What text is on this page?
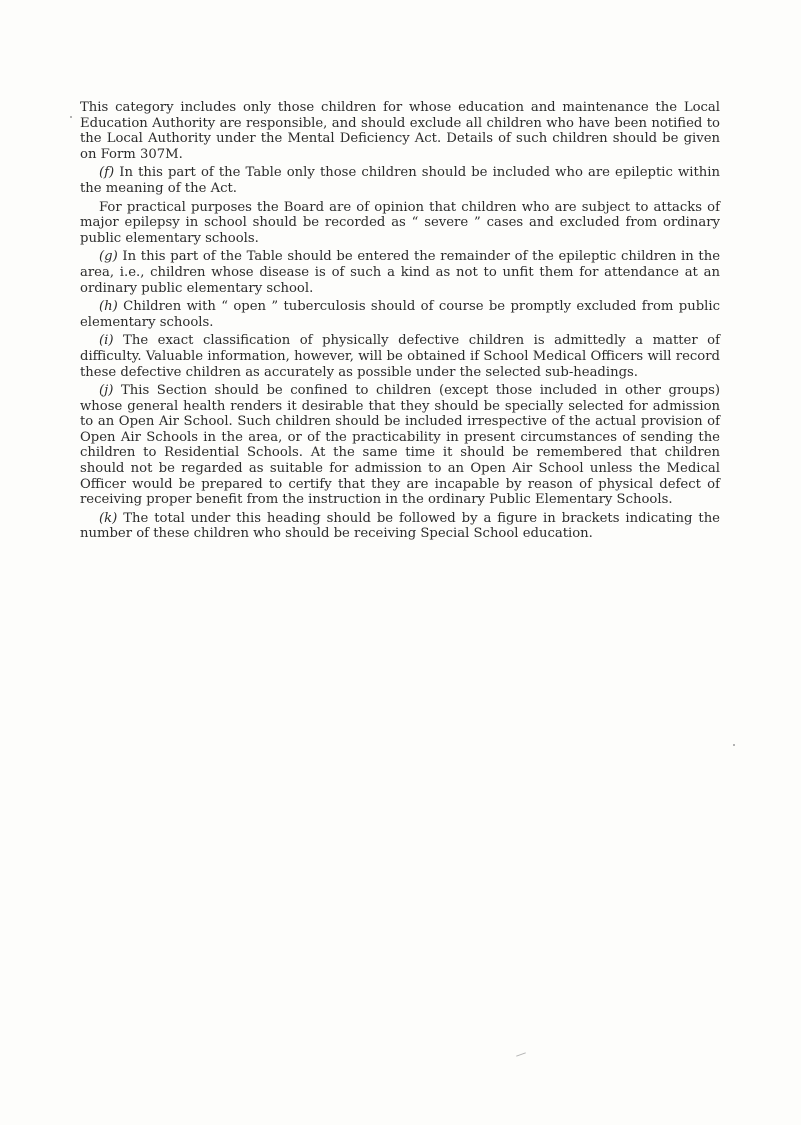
This category includes only those children for whose education and maintenance the Local Education Authority are responsible, and should exclude all children who have been notified to the Local Authority under the Mental Deficiency Act. Details of such children should be given on Form 307M.

(f) In this part of the Table only those children should be included who are epileptic within the meaning of the Act.

For practical purposes the Board are of opinion that children who are subject to attacks of major epilepsy in school should be recorded as “ severe ” cases and excluded from ordinary public elementary schools.

(g) In this part of the Table should be entered the remainder of the epileptic children in the area, i.e., children whose disease is of such a kind as not to unfit them for attendance at an ordinary public elementary school.

(h) Children with “ open ” tuberculosis should of course be promptly excluded from public elementary schools.

(i) The exact classification of physically defective children is admittedly a matter of difficulty. Valuable information, however, will be obtained if School Medical Officers will record these defective children as accurately as possible under the selected sub-headings.

(j) This Section should be confined to children (except those included in other groups) whose general health renders it desirable that they should be specially selected for admission to an Open Air School. Such children should be included irrespective of the actual provision of Open Air Schools in the area, or of the practicability in present circumstances of sending the children to Residential Schools. At the same time it should be remembered that children should not be regarded as suitable for admission to an Open Air School unless the Medical Officer would be prepared to certify that they are incapable by reason of physical defect of receiving proper benefit from the instruction in the ordinary Public Elementary Schools.

(k) The total under this heading should be followed by a figure in brackets indicating the number of these children who should be receiving Special School education.
